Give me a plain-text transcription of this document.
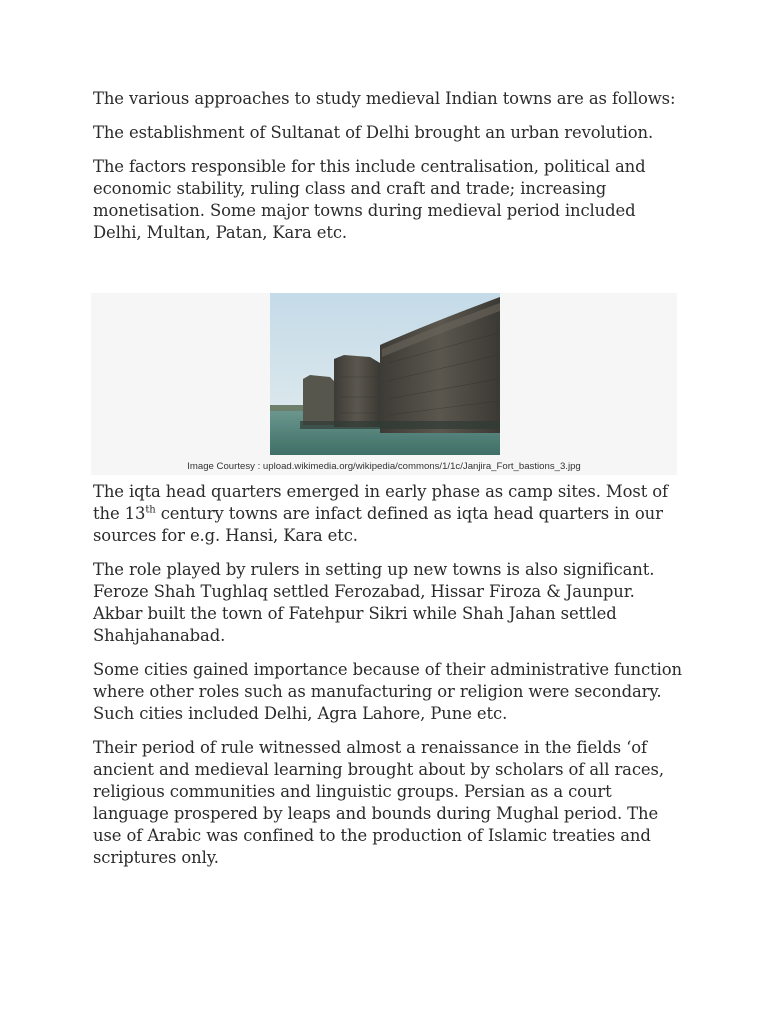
The various approaches to study medieval Indian towns are as follows:

The establishment of Sultanat of Delhi brought an urban revolution.

The factors responsible for this include centralisation, political and economic stability, ruling class and craft and trade; increasing monetisation. Some major towns during medieval period included Delhi, Multan, Patan, Kara etc.

Image Courtesy : upload.wikimedia.org/wikipedia/commons/1/1c/Janjira_Fort_bastions_3.jpg

The iqta head quarters emerged in early phase as camp sites. Most of the 13th century towns are infact defined as iqta head quarters in our sources for e.g. Hansi, Kara etc.

The role played by rulers in setting up new towns is also significant. Feroze Shah Tughlaq settled Ferozabad, Hissar Firoza & Jaunpur. Akbar built the town of Fatehpur Sikri while Shah Jahan settled Shahjahanabad.

Some cities gained importance because of their administrative function where other roles such as manufacturing or religion were secondary. Such cities included Delhi, Agra Lahore, Pune etc.

Their period of rule witnessed almost a renaissance in the fields ‘of ancient and medieval learning brought about by scholars of all races, religious communities and linguistic groups. Persian as a court language prospered by leaps and bounds during Mughal period. The use of Arabic was confined to the production of Islamic treaties and scriptures only.
